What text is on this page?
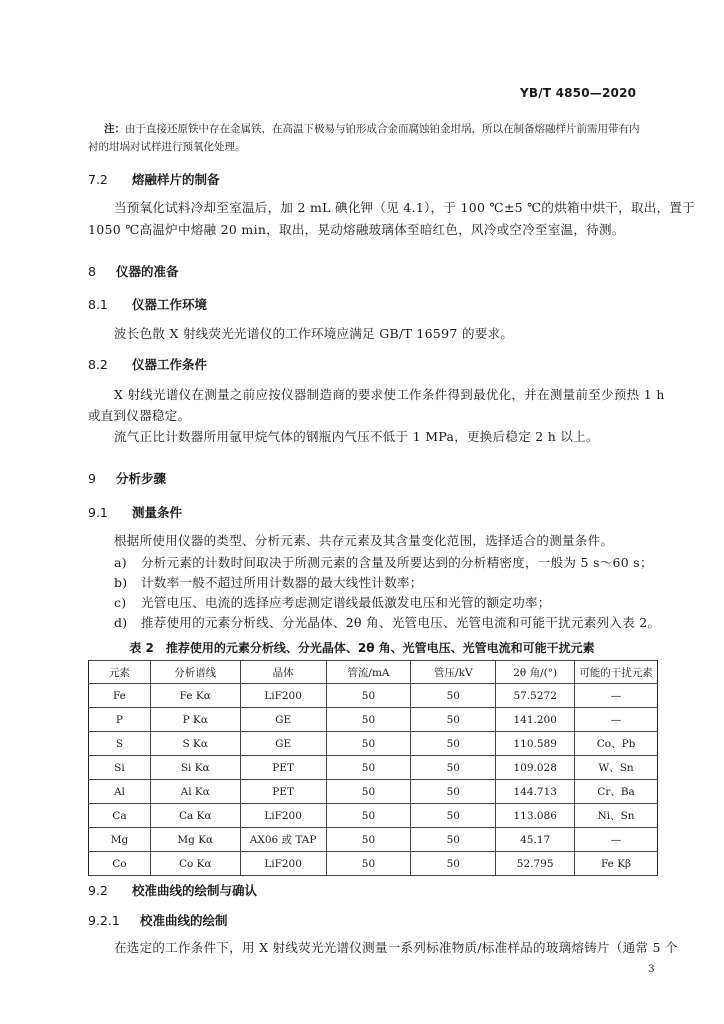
YB/T 4850—2020
注：由于直接还原铁中存在金属铁，在高温下极易与铂形成合金而腐蚀铂金坩埚，所以在制备熔融样片前需用带有内
衬的坩埚对试样进行预氧化处理。
7.2 熔融样片的制备
当预氧化试料冷却至室温后，加 2 mL 碘化钾（见 4.1），于 100 ℃±5 ℃的烘箱中烘干，取出，置于
1050 ℃高温炉中熔融 20 min，取出，晃动熔融玻璃体至暗红色，风冷或空冷至室温，待测。
8 仪器的准备
8.1 仪器工作环境
波长色散 X 射线荧光光谱仪的工作环境应满足 GB/T 16597 的要求。
8.2 仪器工作条件
X 射线光谱仪在测量之前应按仪器制造商的要求使工作条件得到最优化，并在测量前至少预热 1 h
或直到仪器稳定。
流气正比计数器所用氩甲烷气体的钢瓶内气压不低于 1 MPa，更换后稳定 2 h 以上。
9 分析步骤
9.1 测量条件
根据所使用仪器的类型、分析元素、共存元素及其含量变化范围，选择适合的测量条件。
a) 分析元素的计数时间取决于所测元素的含量及所要达到的分析精密度，一般为 5 s～60 s；
b) 计数率一般不超过所用计数器的最大线性计数率；
c) 光管电压、电流的选择应考虑测定谱线最低激发电压和光管的额定功率；
d) 推荐使用的元素分析线、分光晶体、2θ 角、光管电压、光管电流和可能干扰元素列入表 2。
表 2 推荐使用的元素分析线、分光晶体、2θ 角、光管电压、光管电流和可能干扰元素
元素	分析谱线	晶体	管流/mA	管压/kV	2θ 角/(°)	可能的干扰元素
Fe	Fe Kα	LiF200	50	50	57.5272	—
P	P Kα	GE	50	50	141.200	—
S	S Kα	GE	50	50	110.589	Co、Pb
Si	Si Kα	PET	50	50	109.028	W、Sn
Al	Al Kα	PET	50	50	144.713	Cr、Ba
Ca	Ca Kα	LiF200	50	50	113.086	Ni、Sn
Mg	Mg Kα	AX06 或 TAP	50	50	45.17	—
Co	Co Kα	LiF200	50	50	52.795	Fe Kβ
9.2 校准曲线的绘制与确认
9.2.1 校准曲线的绘制
在选定的工作条件下，用 X 射线荧光光谱仪测量一系列标准物质/标准样品的玻璃熔铸片（通常 5 个
3
